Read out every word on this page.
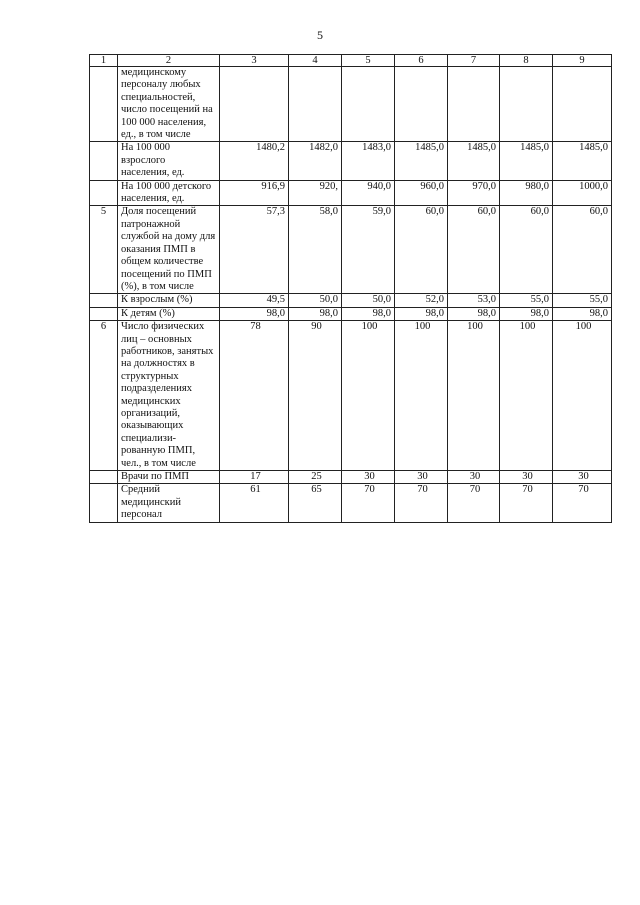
5
1	2	3	4	5	6	7	8	9
	медицинскому персоналу любых специальностей, число посещений на 100 000 населения, ед., в том числе							
	На 100 000 взрослого населения, ед.	1480,2	1482,0	1483,0	1485,0	1485,0	1485,0	1485,0
	На 100 000 детского населения, ед.	916,9	920,	940,0	960,0	970,0	980,0	1000,0
5	Доля посещений патронажной службой на дому для оказания ПМП в общем количестве посещений по ПМП (%), в том числе	57,3	58,0	59,0	60,0	60,0	60,0	60,0
	К взрослым (%)	49,5	50,0	50,0	52,0	53,0	55,0	55,0
	К детям (%)	98,0	98,0	98,0	98,0	98,0	98,0	98,0
6	Число физических лиц – основных работников, занятых на должностях в структурных подразделениях медицинских организаций, оказывающих специализи-рованную ПМП, чел., в том числе	78	90	100	100	100	100	100
	Врачи по ПМП	17	25	30	30	30	30	30
	Средний медицинский персонал	61	65	70	70	70	70	70
